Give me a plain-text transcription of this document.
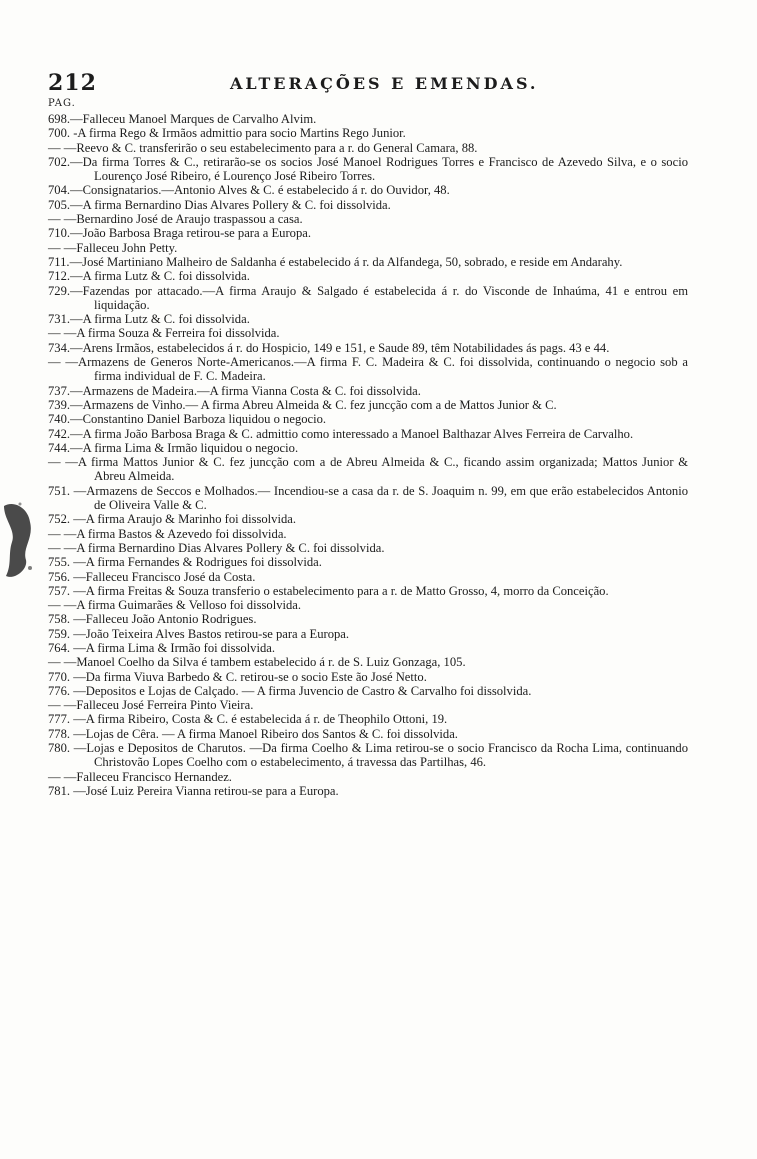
212	ALTERAÇÕES E EMENDAS.
PAG.

698.—Falleceu Manoel Marques de Carvalho Alvim.

700. -A firma Rego & Irmãos admittio para socio Martins Rego Junior.

— —Reevo & C. transferirão o seu estabelecimento para a r. do General Camara, 88.

702.—Da firma Torres & C., retirarão-se os socios José Manoel Rodrigues Torres e Francisco de Azevedo Silva, e o socio Lourenço José Ribeiro, é Lourenço José Ribeiro Torres.

704.—Consignatarios.—Antonio Alves & C. é estabelecido á r. do Ouvidor, 48.

705.—A firma Bernardino Dias Alvares Pollery & C. foi dissolvida.

— —Bernardino José de Araujo traspassou a casa.

710.—João Barbosa Braga retirou-se para a Europa.

— —Falleceu John Petty.

711.—José Martiniano Malheiro de Saldanha é estabelecido á r. da Alfandega, 50, sobrado, e reside em Andarahy.

712.—A firma Lutz & C. foi dissolvida.

729.—Fazendas por attacado.—A firma Araujo & Salgado é estabelecida á r. do Visconde de Inhaúma, 41 e entrou em liquidação.

731.—A firma Lutz & C. foi dissolvida.

— —A firma Souza & Ferreira foi dissolvida.

734.—Arens Irmãos, estabelecidos á r. do Hospicio, 149 e 151, e Saude 89, têm Notabilidades ás pags. 43 e 44.

— —Armazens de Generos Norte-Americanos.—A firma F. C. Madeira & C. foi dissolvida, continuando o negocio sob a firma individual de F. C. Madeira.

737.—Armazens de Madeira.—A firma Vianna Costa & C. foi dissolvida.

739.—Armazens de Vinho.— A firma Abreu Almeida & C. fez juncção com a de Mattos Junior & C.

740.—Constantino Daniel Barboza liquidou o negocio.

742.—A firma João Barbosa Braga & C. admittio como interessado a Manoel Balthazar Alves Ferreira de Carvalho.

744.—A firma Lima & Irmão liquidou o negocio.

— —A firma Mattos Junior & C. fez juncção com a de Abreu Almeida & C., ficando assim organizada; Mattos Junior & Abreu Almeida.

751. —Armazens de Seccos e Molhados.— Incendiou-se a casa da r. de S. Joaquim n. 99, em que erão estabelecidos Antonio de Oliveira Valle & C.

752. —A firma Araujo & Marinho foi dissolvida.

— —A firma Bastos & Azevedo foi dissolvida.

— —A firma Bernardino Dias Alvares Pollery & C. foi dissolvida.

755. —A firma Fernandes & Rodrigues foi dissolvida.

756. —Falleceu Francisco José da Costa.

757. —A firma Freitas & Souza transferio o estabelecimento para a r. de Matto Grosso, 4, morro da Conceição.

— —A firma Guimarães & Velloso foi dissolvida.

758. —Falleceu João Antonio Rodrigues.

759. —João Teixeira Alves Bastos retirou-se para a Europa.

764. —A firma Lima & Irmão foi dissolvida.

— —Manoel Coelho da Silva é tambem estabelecido á r. de S. Luiz Gonzaga, 105.

770. —Da firma Viuva Barbedo & C. retirou-se o socio Este ão José Netto.

776. —Depositos e Lojas de Calçado. — A firma Juvencio de Castro & Carvalho foi dissolvida.

— —Falleceu José Ferreira Pinto Vieira.

777. —A firma Ribeiro, Costa & C. é estabelecida á r. de Theophilo Ottoni, 19.

778. —Lojas de Cêra. — A firma Manoel Ribeiro dos Santos & C. foi dissolvida.

780. —Lojas e Depositos de Charutos. —Da firma Coelho & Lima retirou-se o socio Francisco da Rocha Lima, continuando Christovão Lopes Coelho com o estabelecimento, á travessa das Partilhas, 46.

— —Falleceu Francisco Hernandez.

781. —José Luiz Pereira Vianna retirou-se para a Europa.
